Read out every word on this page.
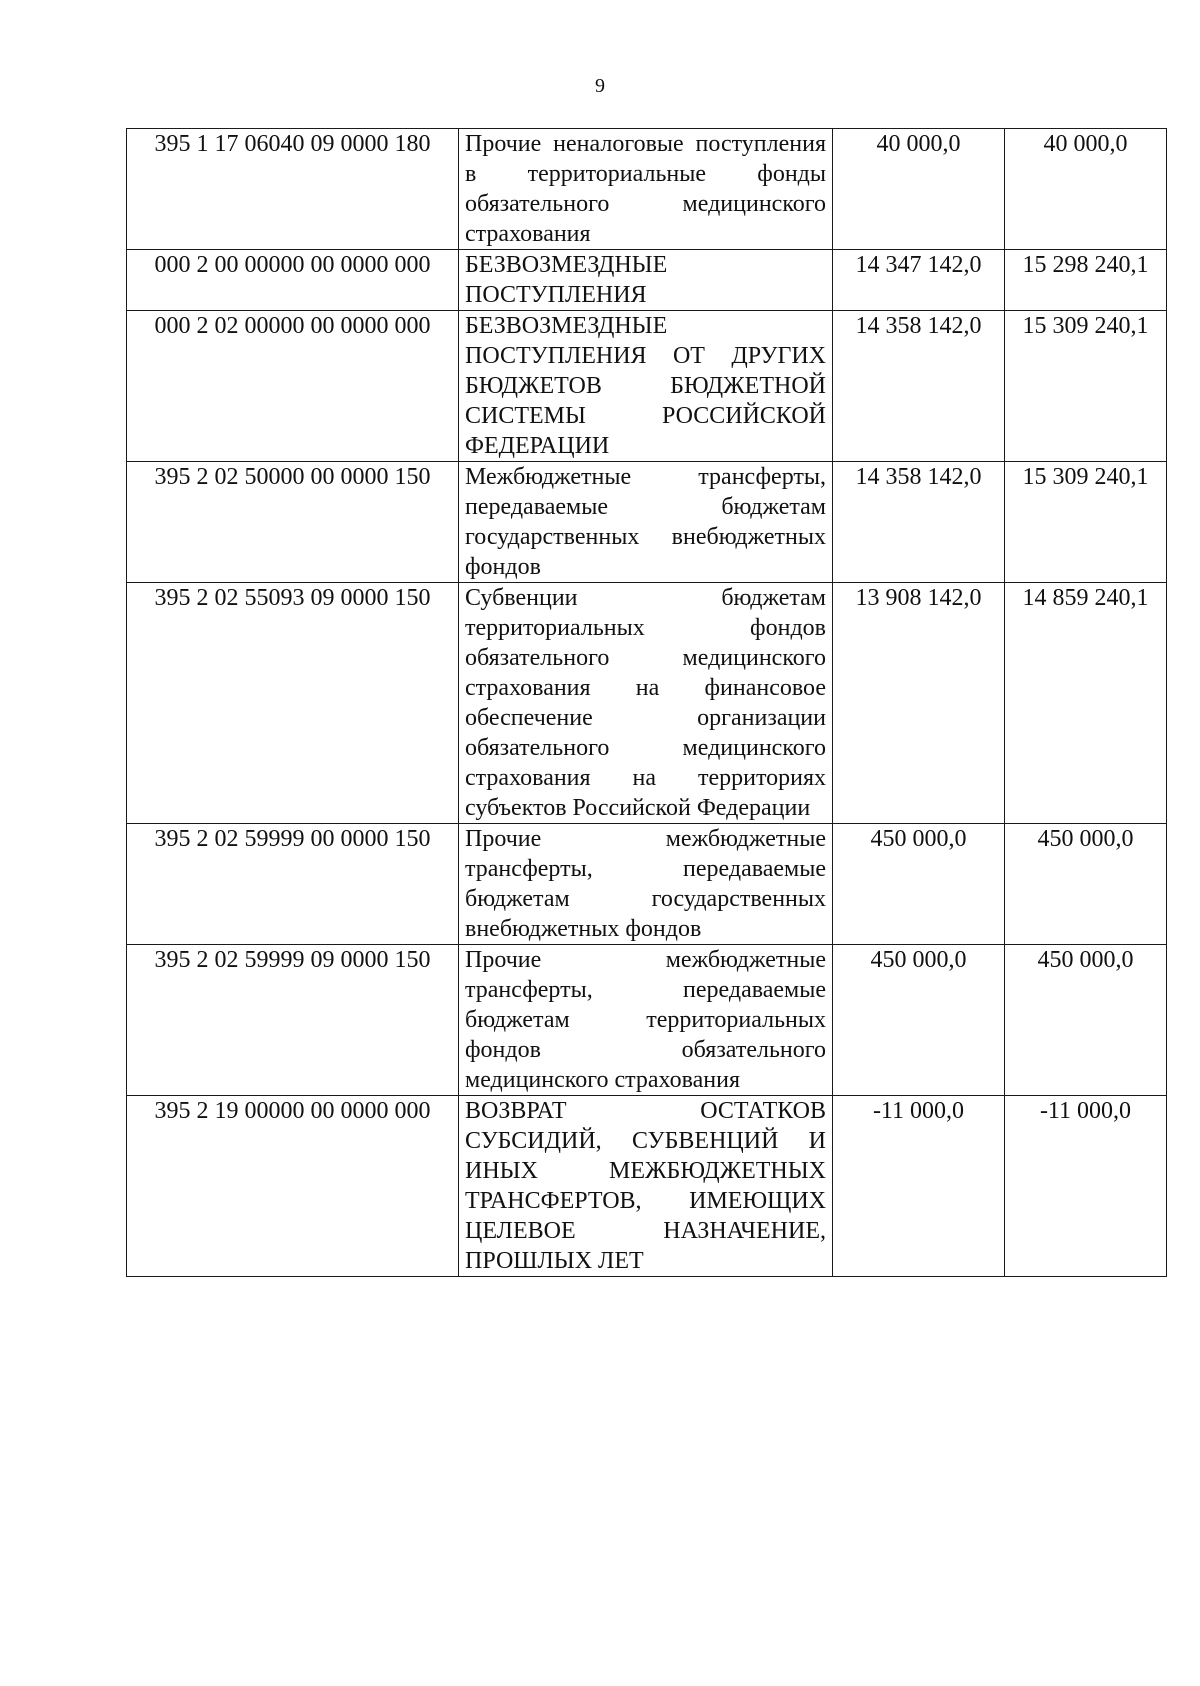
9
395 1 17 06040 09 0000 180	Прочие неналоговые поступления в территориальные фонды обязательного медицинского страхования	40 000,0	40 000,0
000 2 00 00000 00 0000 000	БЕЗВОЗМЕЗДНЫЕ ПОСТУПЛЕНИЯ	14 347 142,0	15 298 240,1
000 2 02 00000 00 0000 000	БЕЗВОЗМЕЗДНЫЕ ПОСТУПЛЕНИЯ ОТ ДРУГИХ БЮДЖЕТОВ БЮДЖЕТНОЙ СИСТЕМЫ РОССИЙСКОЙ ФЕДЕРАЦИИ	14 358 142,0	15 309 240,1
395 2 02 50000 00 0000 150	Межбюджетные трансферты, передаваемые бюджетам государственных внебюджетных фондов	14 358 142,0	15 309 240,1
395 2 02 55093 09 0000 150	Субвенции бюджетам территориальных фондов обязательного медицинского страхования на финансовое обеспечение организации обязательного медицинского страхования на территориях субъектов Российской Федерации	13 908 142,0	14 859 240,1
395 2 02 59999 00 0000 150	Прочие межбюджетные трансферты, передаваемые бюджетам государственных внебюджетных фондов	450 000,0	450 000,0
395 2 02 59999 09 0000 150	Прочие межбюджетные трансферты, передаваемые бюджетам территориальных фондов обязательного медицинского страхования	450 000,0	450 000,0
395 2 19 00000 00 0000 000	ВОЗВРАТ ОСТАТКОВ СУБСИДИЙ, СУБВЕНЦИЙ И ИНЫХ МЕЖБЮДЖЕТНЫХ ТРАНСФЕРТОВ, ИМЕЮЩИХ ЦЕЛЕВОЕ НАЗНАЧЕНИЕ, ПРОШЛЫХ ЛЕТ	-11 000,0	-11 000,0
